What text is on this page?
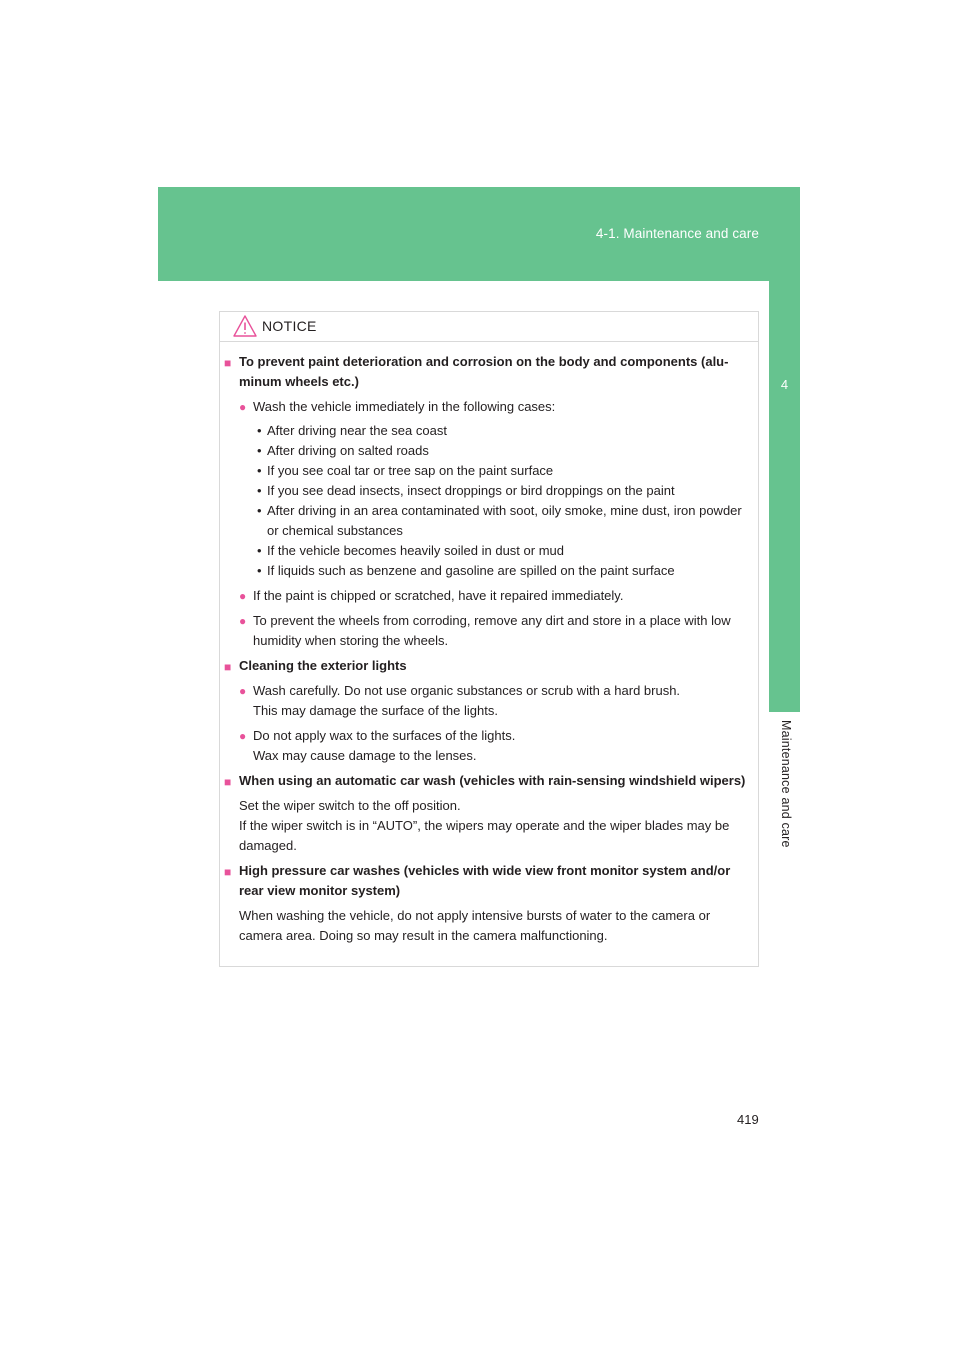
4-1. Maintenance and care
4
Maintenance and care
NOTICE
■ To prevent paint deterioration and corrosion on the body and components (alu- minum wheels etc.)
● Wash the vehicle immediately in the following cases:
• After driving near the sea coast
• After driving on salted roads
• If you see coal tar or tree sap on the paint surface
• If you see dead insects, insect droppings or bird droppings on the paint
• After driving in an area contaminated with soot, oily smoke, mine dust, iron powder or chemical substances
• If the vehicle becomes heavily soiled in dust or mud
• If liquids such as benzene and gasoline are spilled on the paint surface
● If the paint is chipped or scratched, have it repaired immediately.
● To prevent the wheels from corroding, remove any dirt and store in a place with low humidity when storing the wheels.
■ Cleaning the exterior lights
● Wash carefully. Do not use organic substances or scrub with a hard brush.
This may damage the surface of the lights.
● Do not apply wax to the surfaces of the lights.
Wax may cause damage to the lenses.
■ When using an automatic car wash (vehicles with rain-sensing windshield wipers)
Set the wiper switch to the off position.
If the wiper switch is in “AUTO”, the wipers may operate and the wiper blades may be damaged.
■ High pressure car washes (vehicles with wide view front monitor system and/or rear view monitor system)
When washing the vehicle, do not apply intensive bursts of water to the camera or camera area. Doing so may result in the camera malfunctioning.
419
